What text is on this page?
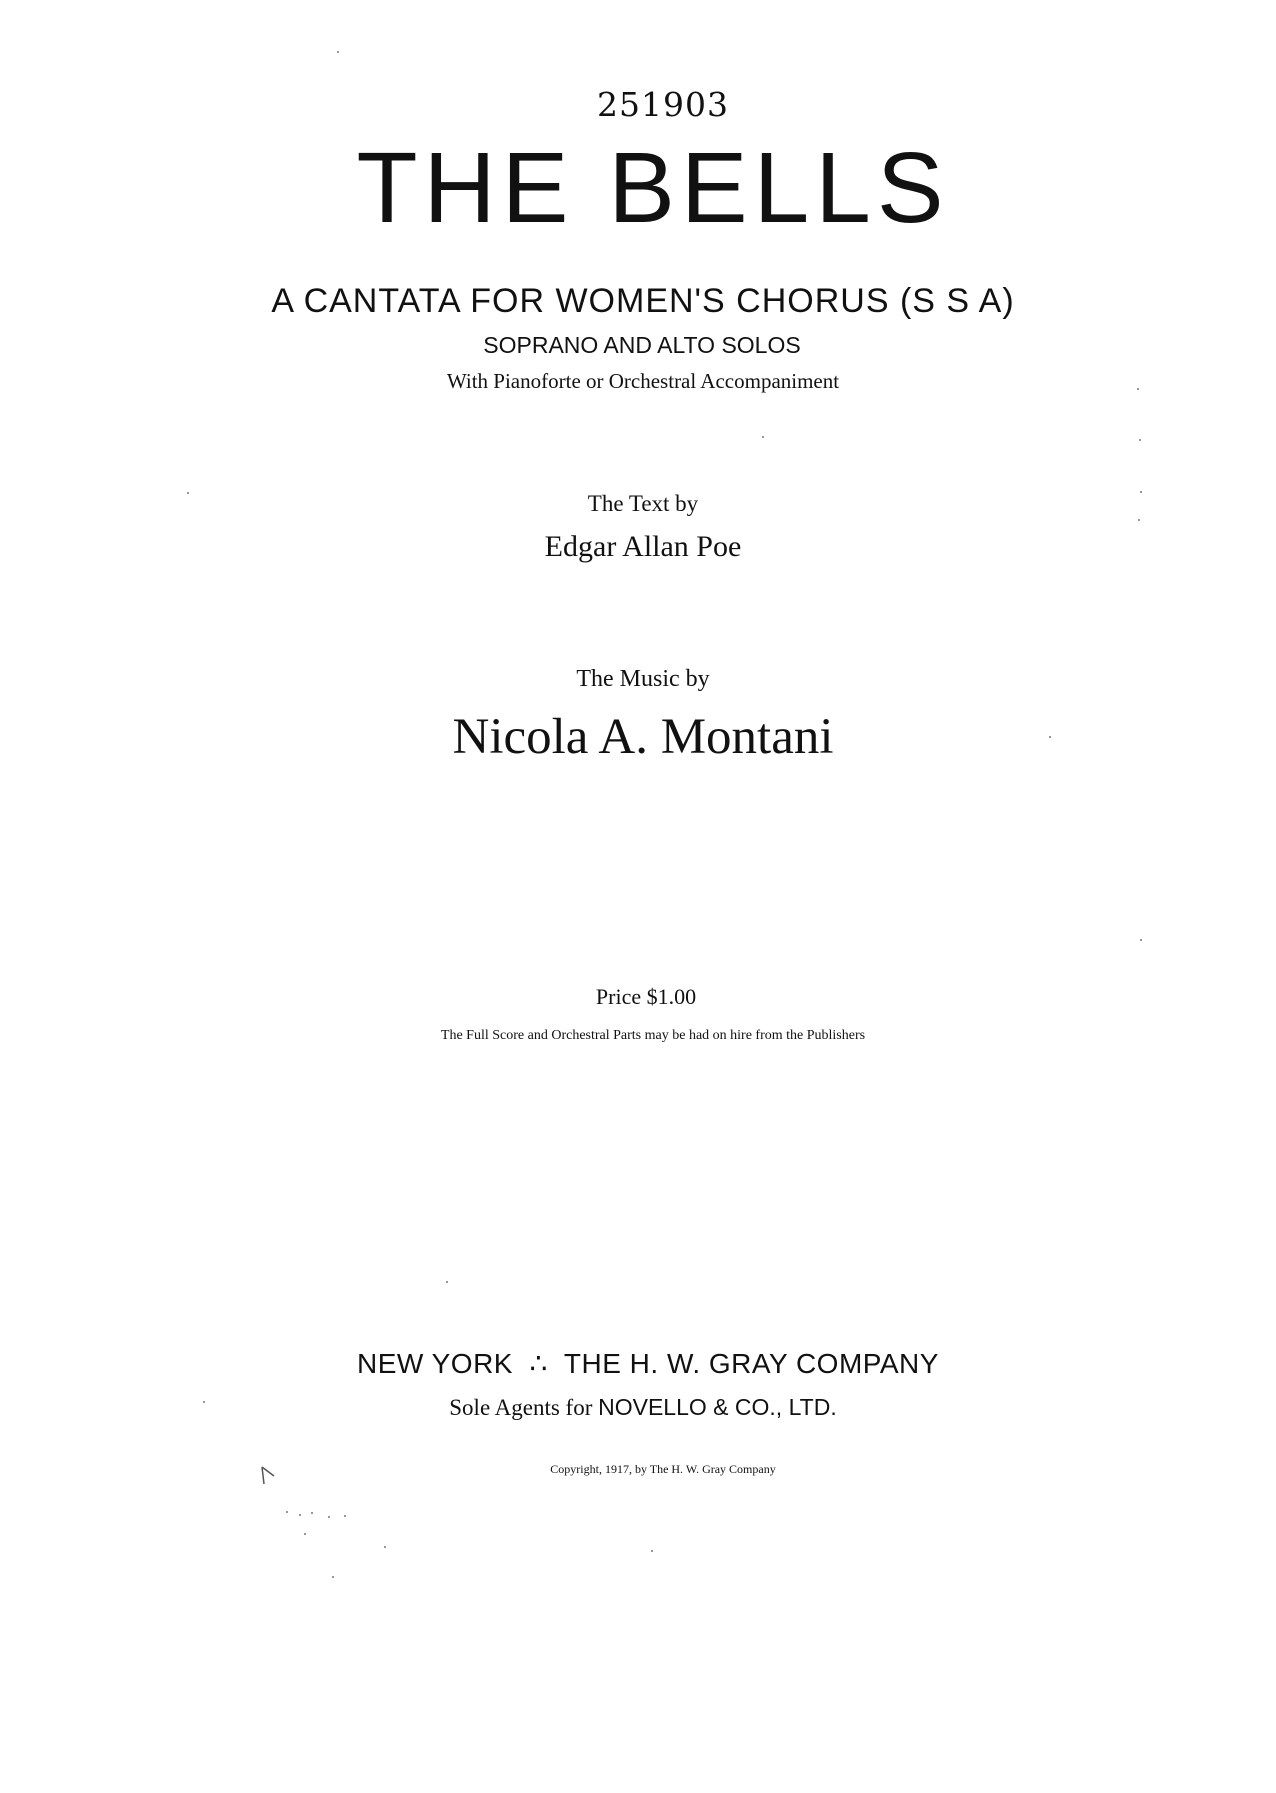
251903
THE BELLS
A CANTATA FOR WOMEN'S CHORUS (S S A)
SOPRANO AND ALTO SOLOS
With Pianoforte or Orchestral Accompaniment
The Text by
Edgar Allan Poe
The Music by
Nicola A. Montani
Price $1.00
The Full Score and Orchestral Parts may be had on hire from the Publishers
NEW YORK  ∴  THE H. W. GRAY COMPANY
Sole Agents for NOVELLO & CO., LTD.
Copyright, 1917, by The H. W. Gray Company
